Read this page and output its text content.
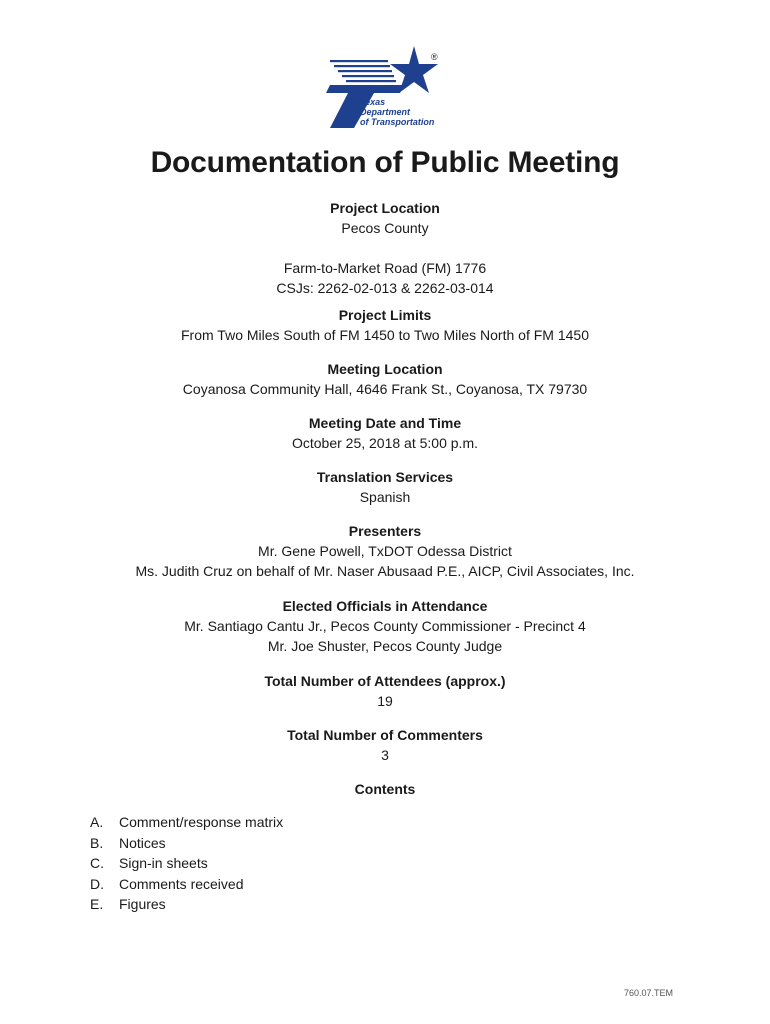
Texas
Department
of Transportation
®
Documentation of Public Meeting
Project Location
Pecos County
Farm-to-Market Road (FM) 1776
CSJs: 2262-02-013 & 2262-03-014
Project Limits
From Two Miles South of FM 1450 to Two Miles North of FM 1450
Meeting Location
Coyanosa Community Hall, 4646 Frank St., Coyanosa, TX 79730
Meeting Date and Time
October 25, 2018 at 5:00 p.m.
Translation Services
Spanish
Presenters
Mr. Gene Powell, TxDOT Odessa District
Ms. Judith Cruz on behalf of Mr. Naser Abusaad P.E., AICP, Civil Associates, Inc.
Elected Officials in Attendance
Mr. Santiago Cantu Jr., Pecos County Commissioner - Precinct 4
Mr. Joe Shuster, Pecos County Judge
Total Number of Attendees (approx.)
19
Total Number of Commenters
3
Contents
A. Comment/response matrix
B. Notices
C. Sign-in sheets
D. Comments received
E. Figures
760.07.TEM
